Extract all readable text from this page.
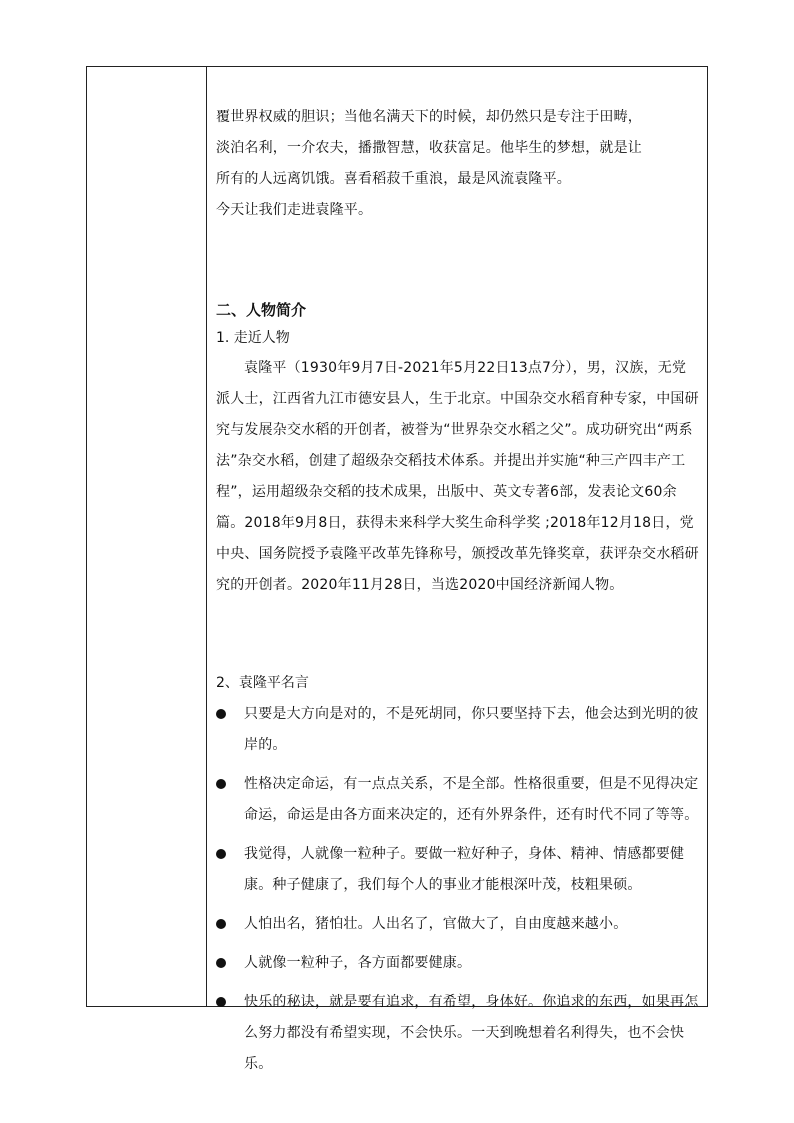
覆世界权威的胆识；当他名满天下的时候，却仍然只是专注于田畴，

淡泊名利，一介农夫，播撒智慧，收获富足。他毕生的梦想，就是让

所有的人远离饥饿。喜看稻菽千重浪，最是风流袁隆平。

今天让我们走进袁隆平。

二、人物简介
1. 走近人物

袁隆平（1930年9月7日-2021年5月22日13点7分），男，汉族，无党派人士，江西省九江市德安县人，生于北京。中国杂交水稻育种专家，中国研究与发展杂交水稻的开创者，被誉为“世界杂交水稻之父”。成功研究出“两系法”杂交水稻，创建了超级杂交稻技术体系。并提出并实施“种三产四丰产工程”，运用超级杂交稻的技术成果，出版中、英文专著6部，发表论文60余篇。2018年9月8日，获得未来科学大奖生命科学奖 ;2018年12月18日，党中央、国务院授予袁隆平改革先锋称号，颁授改革先锋奖章，获评杂交水稻研究的开创者。2020年11月28日，当选2020中国经济新闻人物。

2、袁隆平名言
只要是大方向是对的，不是死胡同，你只要坚持下去，他会达到光明的彼岸的。
性格决定命运，有一点点关系，不是全部。性格很重要，但是不见得决定命运，命运是由各方面来决定的，还有外界条件，还有时代不同了等等。
我觉得，人就像一粒种子。要做一粒好种子，身体、精神、情感都要健康。种子健康了，我们每个人的事业才能根深叶茂，枝粗果硕。
人怕出名，猪怕壮。人出名了，官做大了，自由度越来越小。
人就像一粒种子，各方面都要健康。
快乐的秘诀，就是要有追求，有希望，身体好。你追求的东西，如果再怎么努力都没有希望实现，不会快乐。一天到晚想着名利得失，也不会快乐。
